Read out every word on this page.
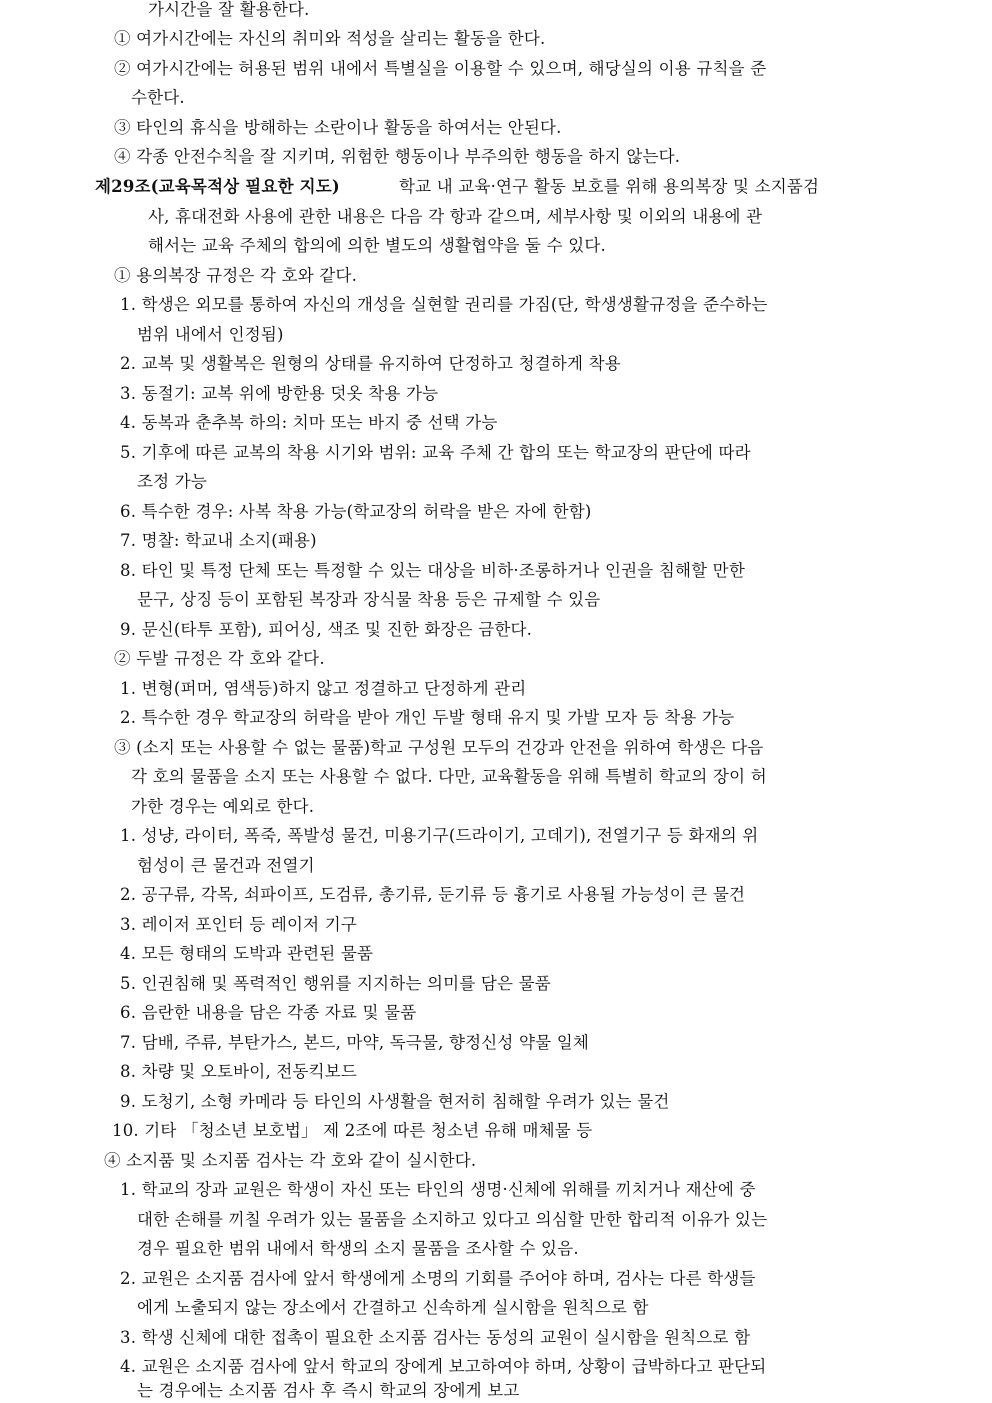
가시간을 잘 활용한다.
① 여가시간에는 자신의 취미와 적성을 살리는 활동을 한다.
② 여가시간에는 허용된 범위 내에서 특별실을 이용할 수 있으며, 해당실의 이용 규칙을 준
수한다.
③ 타인의 휴식을 방해하는 소란이나 활동을 하여서는 안된다.
④ 각종 안전수칙을 잘 지키며, 위험한 행동이나 부주의한 행동을 하지 않는다.
제29조(교육목적상 필요한 지도)	학교 내 교육·연구 활동 보호를 위해 용의복장 및 소지품검
사, 휴대전화 사용에 관한 내용은 다음 각 항과 같으며, 세부사항 및 이외의 내용에 관
해서는 교육 주체의 합의에 의한 별도의 생활협약을 둘 수 있다.
① 용의복장 규정은 각 호와 같다.
1. 학생은 외모를 통하여 자신의 개성을 실현할 권리를 가짐(단, 학생생활규정을 준수하는
범위 내에서 인정됨)
2. 교복 및 생활복은 원형의 상태를 유지하여 단정하고 청결하게 착용
3. 동절기: 교복 위에 방한용 덧옷 착용 가능
4. 동복과 춘추복 하의: 치마 또는 바지 중 선택 가능
5. 기후에 따른 교복의 착용 시기와 범위: 교육 주체 간 합의 또는 학교장의 판단에 따라
조정 가능
6. 특수한 경우: 사복 착용 가능(학교장의 허락을 받은 자에 한함)
7. 명찰: 학교내 소지(패용)
8. 타인 및 특정 단체 또는 특정할 수 있는 대상을 비하·조롱하거나 인권을 침해할 만한
문구, 상징 등이 포함된 복장과 장식물 착용 등은 규제할 수 있음
9. 문신(타투 포함), 피어싱, 색조 및 진한 화장은 금한다.
② 두발 규정은 각 호와 같다.
1. 변형(퍼머, 염색등)하지 않고 정결하고 단정하게 관리
2. 특수한 경우 학교장의 허락을 받아 개인 두발 형태 유지 및 가발 모자 등 착용 가능
③ (소지 또는 사용할 수 없는 물품)학교 구성원 모두의 건강과 안전을 위하여 학생은 다음
각 호의 물품을 소지 또는 사용할 수 없다. 다만, 교육활동을 위해 특별히 학교의 장이 허
가한 경우는 예외로 한다.
1. 성냥, 라이터, 폭죽, 폭발성 물건, 미용기구(드라이기, 고데기), 전열기구 등 화재의 위
험성이 큰 물건과 전열기
2. 공구류, 각목, 쇠파이프, 도검류, 총기류, 둔기류 등 흉기로 사용될 가능성이 큰 물건
3. 레이저 포인터 등 레이저 기구
4. 모든 형태의 도박과 관련된 물품
5. 인권침해 및 폭력적인 행위를 지지하는 의미를 담은 물품
6. 음란한 내용을 담은 각종 자료 및 물품
7. 담배, 주류, 부탄가스, 본드, 마약, 독극물, 향정신성 약물 일체
8. 차량 및 오토바이, 전동킥보드
9. 도청기, 소형 카메라 등 타인의 사생활을 현저히 침해할 우려가 있는 물건
10. 기타 「청소년 보호법」 제 2조에 따른 청소년 유해 매체물 등
④ 소지품 및 소지품 검사는 각 호와 같이 실시한다.
1. 학교의 장과 교원은 학생이 자신 또는 타인의 생명·신체에 위해를 끼치거나 재산에 중
대한 손해를 끼칠 우려가 있는 물품을 소지하고 있다고 의심할 만한 합리적 이유가 있는
경우 필요한 범위 내에서 학생의 소지 물품을 조사할 수 있음.
2. 교원은 소지품 검사에 앞서 학생에게 소명의 기회를 주어야 하며, 검사는 다른 학생들
에게 노출되지 않는 장소에서 간결하고 신속하게 실시함을 원칙으로 함
3. 학생 신체에 대한 접촉이 필요한 소지품 검사는 동성의 교원이 실시함을 원칙으로 함
4. 교원은 소지품 검사에 앞서 학교의 장에게 보고하여야 하며, 상황이 급박하다고 판단되
는 경우에는 소지품 검사 후 즉시 학교의 장에게 보고
